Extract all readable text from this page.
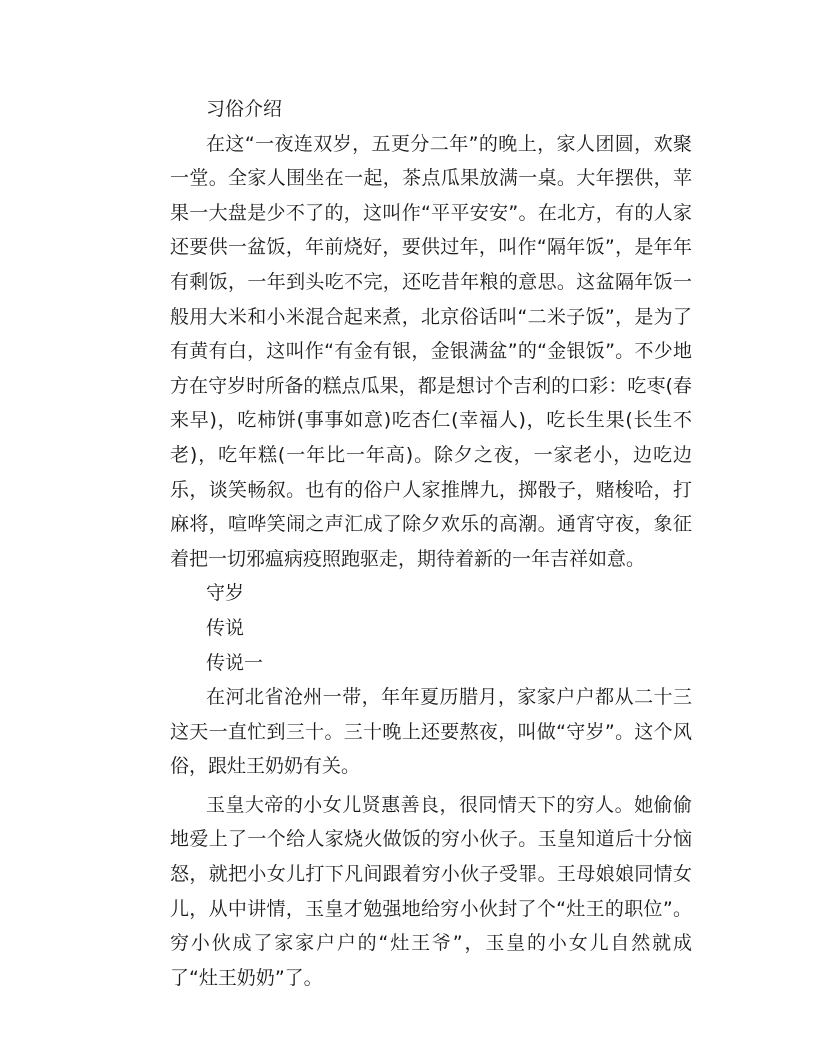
习俗介绍

在这“一夜连双岁，五更分二年”的晚上，家人团圆，欢聚一堂。全家人围坐在一起，茶点瓜果放满一桌。大年摆供，苹果一大盘是少不了的，这叫作“平平安安”。在北方，有的人家还要供一盆饭，年前烧好，要供过年，叫作“隔年饭”，是年年有剩饭，一年到头吃不完，还吃昔年粮的意思。这盆隔年饭一般用大米和小米混合起来煮，北京俗话叫“二米子饭”，是为了有黄有白，这叫作“有金有银，金银满盆”的“金银饭”。不少地方在守岁时所备的糕点瓜果，都是想讨个吉利的口彩：吃枣(春来早)，吃柿饼(事事如意)吃杏仁(幸福人)，吃长生果(长生不老)，吃年糕(一年比一年高)。除夕之夜，一家老小，边吃边乐，谈笑畅叙。也有的俗户人家推牌九，掷骰子，赌梭哈，打麻将，喧哗笑闹之声汇成了除夕欢乐的高潮。通宵守夜，象征着把一切邪瘟病疫照跑驱走，期待着新的一年吉祥如意。

守岁

传说

传说一

在河北省沧州一带，年年夏历腊月，家家户户都从二十三这天一直忙到三十。三十晚上还要熬夜，叫做“守岁”。这个风俗，跟灶王奶奶有关。

玉皇大帝的小女儿贤惠善良，很同情天下的穷人。她偷偷地爱上了一个给人家烧火做饭的穷小伙子。玉皇知道后十分恼怒，就把小女儿打下凡间跟着穷小伙子受罪。王母娘娘同情女儿，从中讲情，玉皇才勉强地给穷小伙封了个“灶王的职位”。穷小伙成了家家户户的“灶王爷”，玉皇的小女儿自然就成了“灶王奶奶”了。
